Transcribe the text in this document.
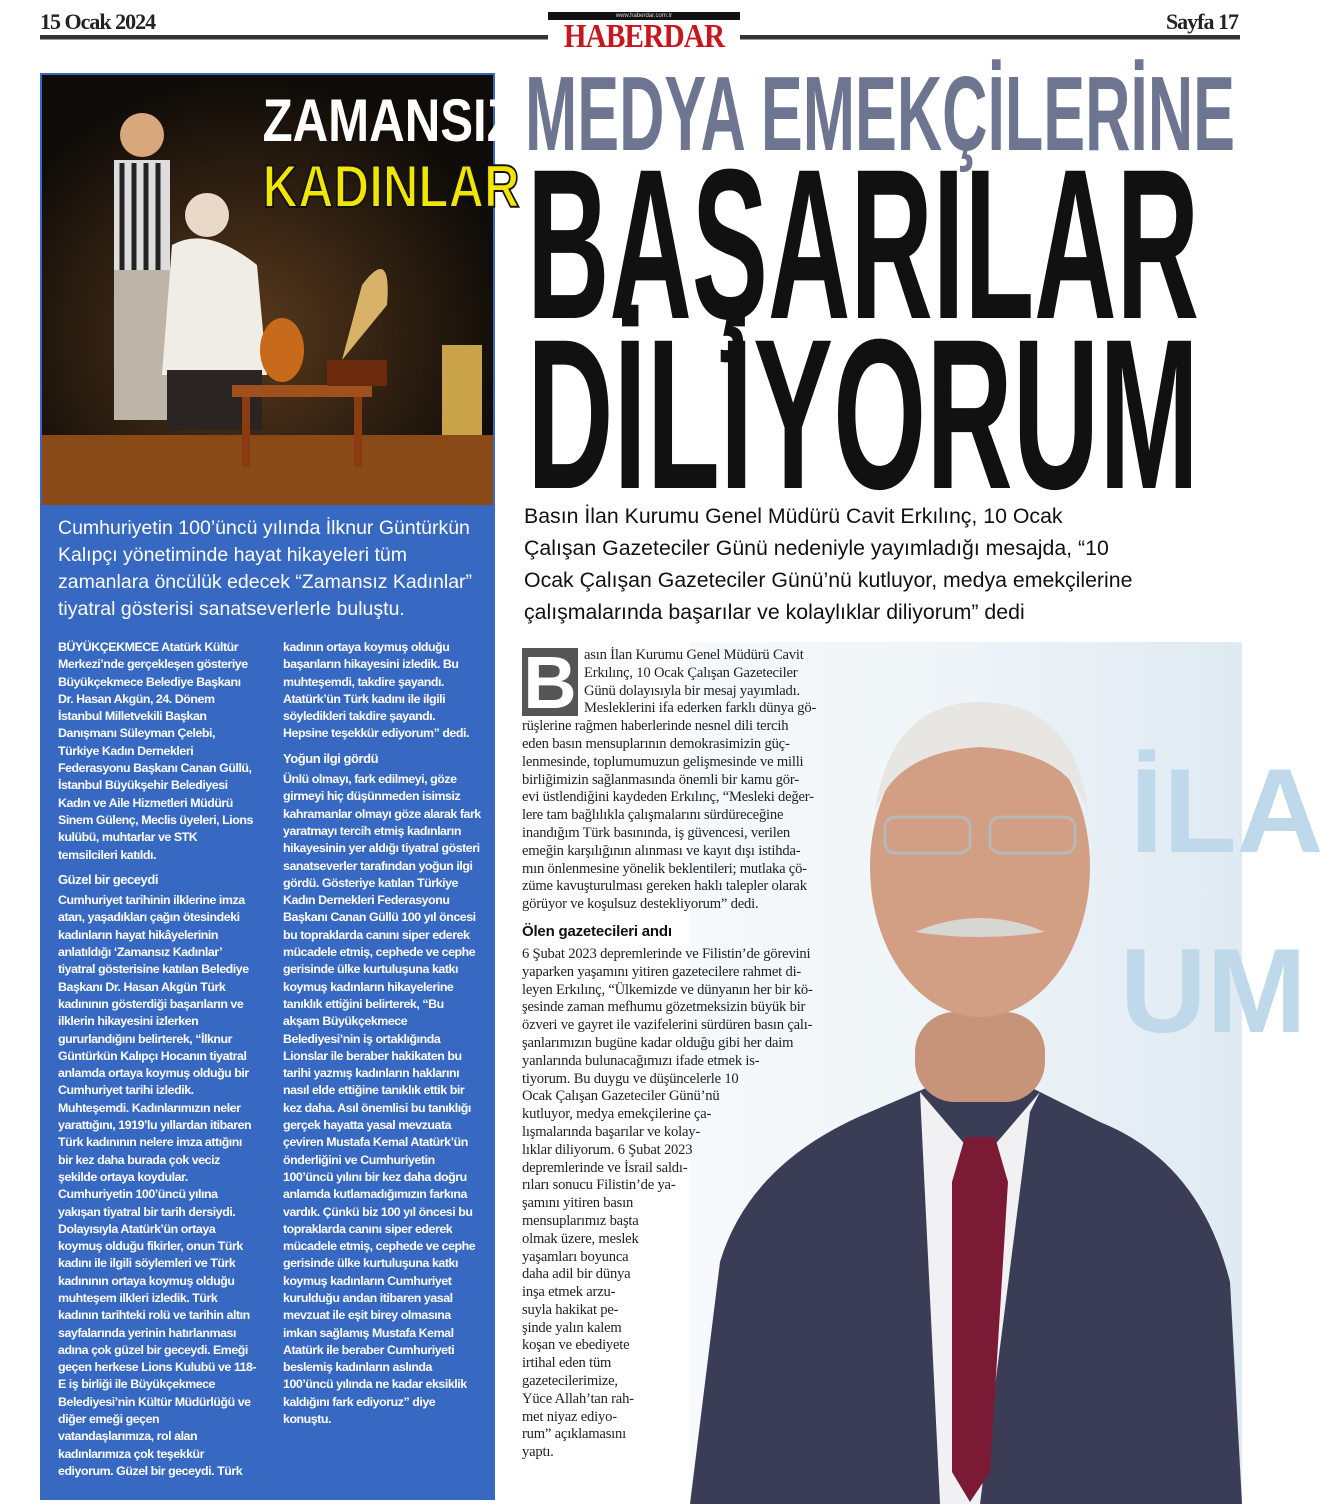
15 Ocak 2024	www.haberdar.com.tr
HABERDAR	Sayfa 17
ZAMANSIZ
KADINLAR
Cumhuriyetin 100’üncü yılında İlknur Güntürkün
Kalıpçı yönetiminde hayat hikayeleri tüm
zamanlara öncülük edecek “Zamansız Kadınlar”
tiyatral gösterisi sanatseverlerle buluştu.

BÜYÜKÇEKMECE Atatürk Kültür Merkezi’nde gerçekleşen gösteriye Büyükçekmece Belediye Başkanı Dr. Hasan Akgün, 24. Dönem İstanbul Milletvekili Başkan Danışmanı Süleyman Çelebi, Türkiye Kadın Dernekleri Federasyonu Başkanı Canan Güllü, İstanbul Büyükşehir Belediyesi Kadın ve Aile Hizmetleri Müdürü Sinem Gülenç, Meclis üyeleri, Lions kulübü, muhtarlar ve STK temsilcileri katıldı.

Güzel bir geceydi

Cumhuriyet tarihinin ilklerine imza atan, yaşadıkları çağın ötesindeki kadınların hayat hikâyelerinin anlatıldığı ‘Zamansız Kadınlar’ tiyatral gösterisine katılan Belediye Başkanı Dr. Hasan Akgün Türk kadınının gösterdiği başarıların ve ilklerin hikayesini izlerken gururlandığını belirterek, “İlknur Güntürkün Kalıpçı Hocanın tiyatral anlamda ortaya koymuş olduğu bir Cumhuriyet tarihi izledik. Muhteşemdi. Kadınlarımızın neler yarattığını, 1919’lu yıllardan itibaren Türk kadınının nelere imza attığını bir kez daha burada çok veciz şekilde ortaya koydular. Cumhuriyetin 100’üncü yılına yakışan tiyatral bir tarih dersiydi. Dolayısıyla Atatürk’ün ortaya koymuş olduğu fikirler, onun Türk kadını ile ilgili söylemleri ve Türk kadınının ortaya koymuş olduğu muhteşem ilkleri izledik. Türk kadının tarihteki rolü ve tarihin altın sayfalarında yerinin hatırlanması adına çok güzel bir geceydi. Emeği geçen herkese Lions Kulubü ve 118-E iş birliği ile Büyükçekmece Belediyesi’nin Kültür Müdürlüğü ve diğer emeği geçen vatandaşlarımıza, rol alan kadınlarımıza çok teşekkür ediyorum. Güzel bir geceydi. Türk kadının ortaya koymuş olduğu başarıların hikayesini izledik. Bu muhteşemdi, takdire şayandı. Atatürk’ün Türk kadını ile ilgili söyledikleri takdire şayandı. Hepsine teşekkür ediyorum” dedi.

Yoğun ilgi gördü

Ünlü olmayı, fark edilmeyi, göze girmeyi hiç düşünmeden isimsiz kahramanlar olmayı göze alarak fark yaratmayı tercih etmiş kadınların hikayesinin yer aldığı tiyatral gösteri sanatseverler tarafından yoğun ilgi gördü. Gösteriye katılan Türkiye Kadın Dernekleri Federasyonu Başkanı Canan Güllü 100 yıl öncesi bu topraklarda canını siper ederek mücadele etmiş, cephede ve cephe gerisinde ülke kurtuluşuna katkı koymuş kadınların hikayelerine tanıklık ettiğini belirterek, “Bu akşam Büyükçekmece Belediyesi’nin iş ortaklığında Lionslar ile beraber hakikaten bu tarihi yazmış kadınların haklarını nasıl elde ettiğine tanıklık ettik bir kez daha. Asıl önemlisi bu tanıklığı gerçek hayatta yasal mevzuata çeviren Mustafa Kemal Atatürk’ün önderliğini ve Cumhuriyetin 100’üncü yılını bir kez daha doğru anlamda kutlamadığımızın farkına vardık. Çünkü biz 100 yıl öncesi bu topraklarda canını siper ederek mücadele etmiş, cephede ve cephe gerisinde ülke kurtuluşuna katkı koymuş kadınların Cumhuriyet kurulduğu andan itibaren yasal mevzuat ile eşit birey olmasına imkan sağlamış Mustafa Kemal Atatürk ile beraber Cumhuriyeti beslemiş kadınların aslında 100’üncü yılında ne kadar eksiklik kaldığını fark ediyoruz” diye konuştu.

MEDYA EMEKÇİLERİNE
BAŞARILAR
DİLİYORUM
Basın İlan Kurumu Genel Müdürü Cavit Erkılınç, 10 Ocak
Çalışan Gazeteciler Günü nedeniyle yayımladığı mesajda, “10
Ocak Çalışan Gazeteciler Günü’nü kutluyor, medya emekçilerine
çalışmalarında başarılar ve kolaylıklar diliyorum” dedi
İLA
UM
B asın İlan Kurumu Genel Müdürü Cavit
Erkılınç, 10 Ocak Çalışan Gazeteciler
Günü dolayısıyla bir mesaj yayımladı.
Mesleklerini ifa ederken farklı dünya gö-
rüşlerine rağmen haberlerinde nesnel dili tercih
eden basın mensuplarının demokrasimizin güç-
lenmesinde, toplumumuzun gelişmesinde ve milli
birliğimizin sağlanmasında önemli bir kamu gör-
evi üstlendiğini kaydeden Erkılınç, “Mesleki değer-
lere tam bağlılıkla çalışmalarını sürdüreceğine
inandığım Türk basınında, iş güvencesi, verilen
emeğin karşılığının alınması ve kayıt dışı istihda-
mın önlenmesine yönelik beklentileri; mutlaka çö-
züme kavuşturulması gereken haklı talepler olarak
görüyor ve koşulsuz destekliyorum” dedi.
Ölen gazetecileri andı
6 Şubat 2023 depremlerinde ve Filistin’de görevini
yaparken yaşamını yitiren gazetecilere rahmet di-
leyen Erkılınç, “Ülkemizde ve dünyanın her bir kö-
şesinde zaman mefhumu gözetmeksizin büyük bir
özveri ve gayret ile vazifelerini sürdüren basın çalı-
şanlarımızın bugüne kadar olduğu gibi her daim
yanlarında bulunacağımızı ifade etmek is-
tiyorum. Bu duygu ve düşüncelerle 10
Ocak Çalışan Gazeteciler Günü’nü
kutluyor, medya emekçilerine ça-
lışmalarında başarılar ve kolay-
lıklar diliyorum. 6 Şubat 2023
depremlerinde ve İsrail saldı-
rıları sonucu Filistin’de ya-
şamını yitiren basın
mensuplarımız başta
olmak üzere, meslek
yaşamları boyunca
daha adil bir dünya
inşa etmek arzu-
suyla hakikat pe-
şinde yalın kalem
koşan ve ebediyete
irtihal eden tüm
gazetecilerimize,
Yüce Allah’tan rah-
met niyaz ediyo-
rum” açıklamasını
yaptı.
